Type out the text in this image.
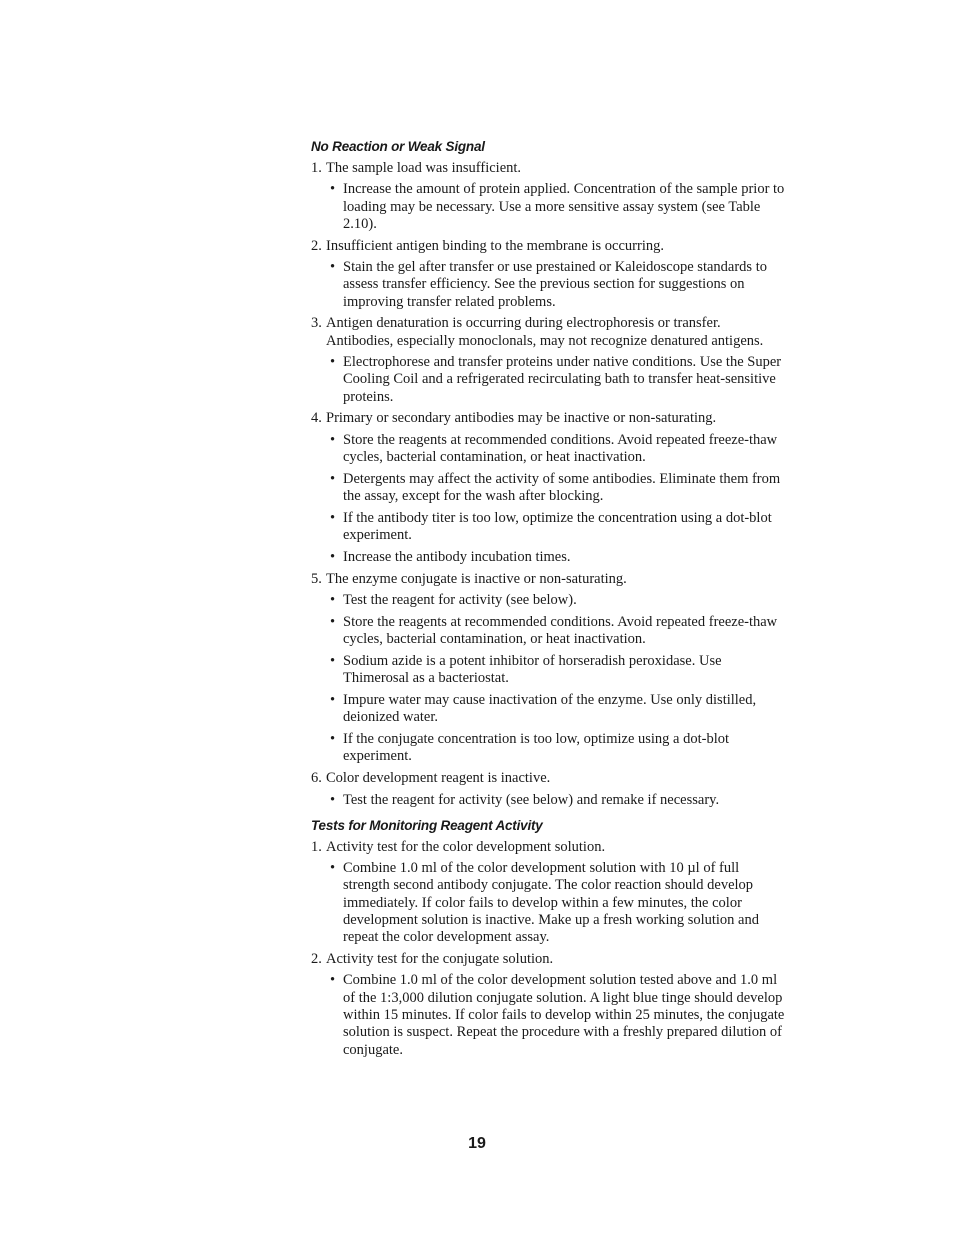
No Reaction or Weak Signal
1. The sample load was insufficient.
• Increase the amount of protein applied. Concentration of the sample prior to loading may be necessary. Use a more sensitive assay system (see Table 2.10).
2. Insufficient antigen binding to the membrane is occurring.
• Stain the gel after transfer or use prestained or Kaleidoscope standards to assess transfer efficiency. See the previous section for suggestions on improving transfer related problems.
3. Antigen denaturation is occurring during electrophoresis or transfer. Antibodies, especially monoclonals, may not recognize denatured antigens.
• Electrophorese and transfer proteins under native conditions. Use the Super Cooling Coil and a refrigerated recirculating bath to transfer heat-sensitive proteins.
4. Primary or secondary antibodies may be inactive or non-saturating.
• Store the reagents at recommended conditions. Avoid repeated freeze-thaw cycles, bacterial contamination, or heat inactivation.
• Detergents may affect the activity of some antibodies. Eliminate them from the assay, except for the wash after blocking.
• If the antibody titer is too low, optimize the concentration using a dot-blot experiment.
• Increase the antibody incubation times.
5. The enzyme conjugate is inactive or non-saturating.
• Test the reagent for activity (see below).
• Store the reagents at recommended conditions. Avoid repeated freeze-thaw cycles, bacterial contamination, or heat inactivation.
• Sodium azide is a potent inhibitor of horseradish peroxidase. Use Thimerosal as a bacteriostat.
• Impure water may cause inactivation of the enzyme. Use only distilled, deionized water.
• If the conjugate concentration is too low, optimize using a dot-blot experiment.
6. Color development reagent is inactive.
• Test the reagent for activity (see below) and remake if necessary.
Tests for Monitoring Reagent Activity
1. Activity test for the color development solution.
• Combine 1.0 ml of the color development solution with 10 µl of full strength second antibody conjugate. The color reaction should develop immediately. If color fails to develop within a few minutes, the color development solution is inactive. Make up a fresh working solution and repeat the color development assay.
2. Activity test for the conjugate solution.
• Combine 1.0 ml of the color development solution tested above and 1.0 ml of the 1:3,000 dilution conjugate solution. A light blue tinge should develop within 15 minutes. If color fails to develop within 25 minutes, the conjugate solution is suspect. Repeat the procedure with a freshly prepared dilution of conjugate.
19
